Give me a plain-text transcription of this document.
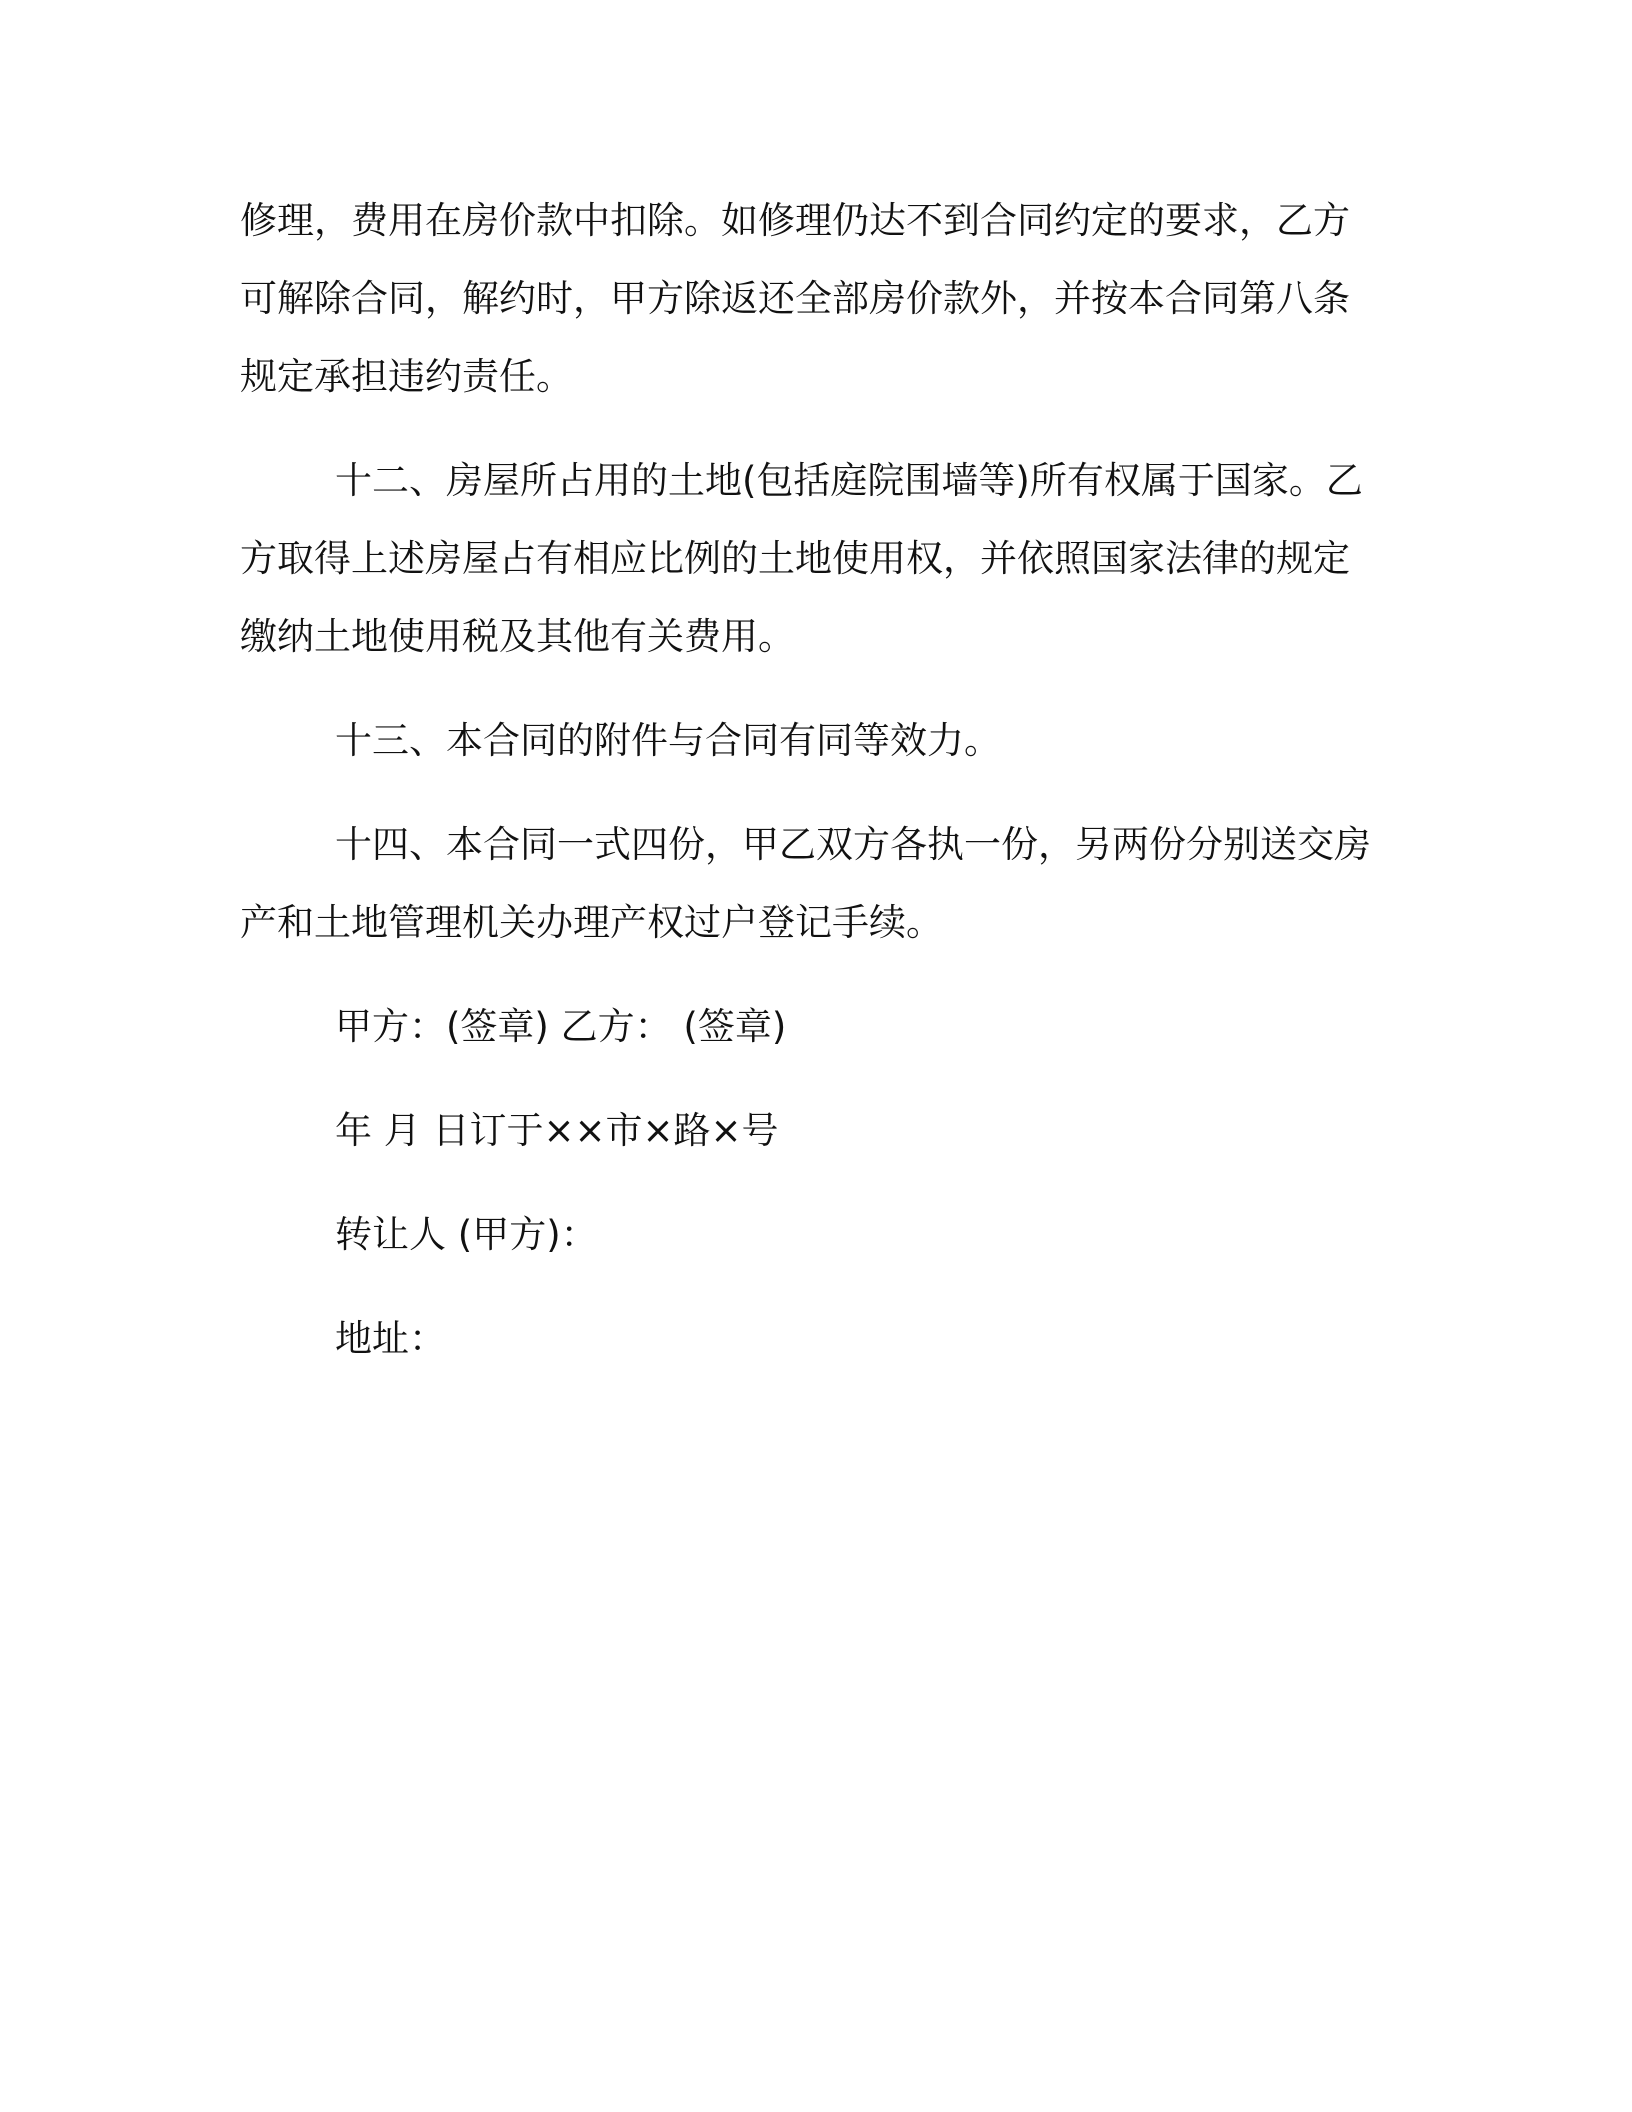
修理，费用在房价款中扣除。如修理仍达不到合同约定的要求，乙方
可解除合同，解约时，甲方除返还全部房价款外，并按本合同第八条
规定承担违约责任。
十二、房屋所占用的土地(包括庭院围墙等)所有权属于国家。乙
方取得上述房屋占有相应比例的土地使用权，并依照国家法律的规定
缴纳土地使用税及其他有关费用。
十三、本合同的附件与合同有同等效力。
十四、本合同一式四份，甲乙双方各执一份，另两份分别送交房
产和土地管理机关办理产权过户登记手续。
甲方：(签章) 乙方： (签章)
年 月 日订于××市×路×号
转让人 (甲方)：
地址：
